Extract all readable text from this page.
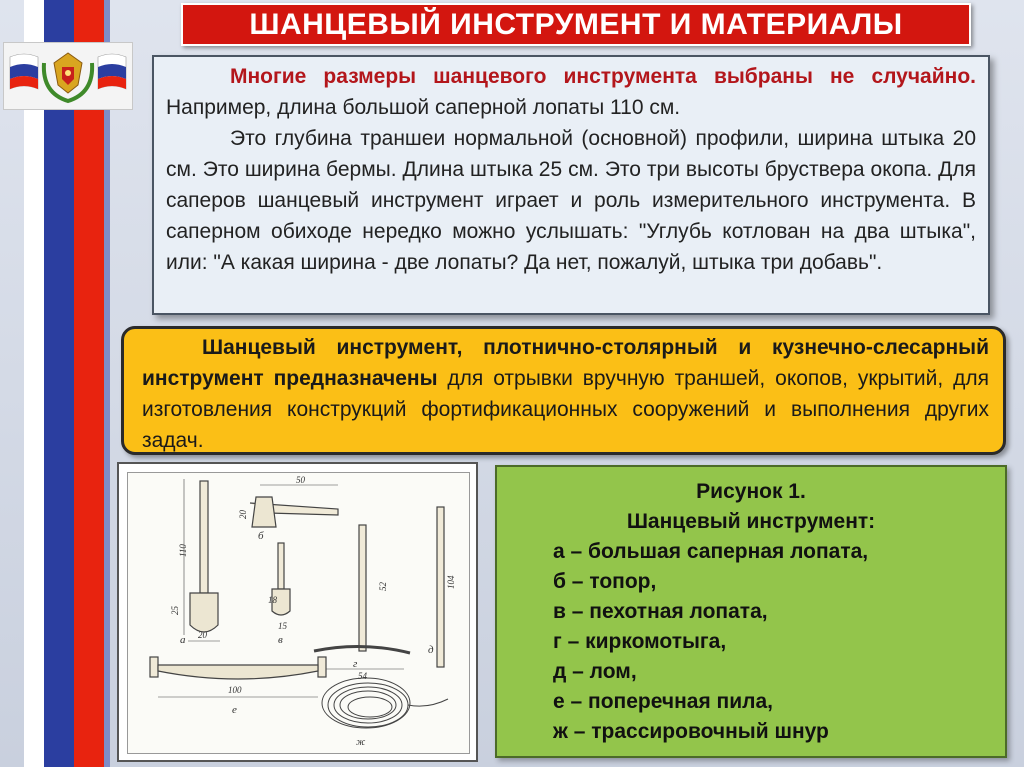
ШАНЦЕВЫЙ ИНСТРУМЕНТ И МАТЕРИАЛЫ

Многие размеры шанцевого инструмента выбраны не случайно. Например, длина большой саперной лопаты 110 см.

Это глубина траншеи нормальной (основной) профили, ширина штыка 20 см. Это ширина бермы. Длина штыка 25 см. Это три высоты бруствера окопа. Для саперов шанцевый инструмент играет и роль измерительного инструмента. В саперном обиходе нередко можно услышать: "Углубь котлован на два штыка", или: "А какая ширина - две лопаты? Да нет, пожалуй, штыка три добавь".

Шанцевый инструмент, плотнично-столярный и кузнечно-слесарный инструмент предназначены для отрывки вручную траншей, окопов, укрытий, для изготовления конструкций фортификационных сооружений и выполнения других задач.

110
25
20
а
50
20
б
18
15
в
52
г
54
104
д
100
е
ж
Рисунок 1.
Шанцевый инструмент:
а – большая саперная лопата,
б – топор,
в – пехотная лопата,
г – киркомотыга,
д – лом,
е – поперечная пила,
ж – трассировочный шнур
